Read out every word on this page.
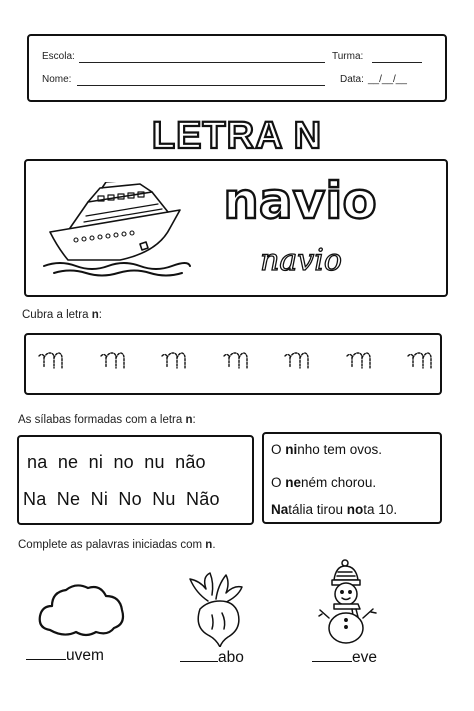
Escola:	Turma:
Nome:	Data: __/__/__
LETRA N
navio
navio
Cubra a letra n:
As sílabas formadas com a letra n:
na  ne  ni  no  nu  não
Na  Ne  Ni  No  Nu  Não
O ninho tem ovos.
O neném chorou.
Natália tirou nota 10.
Complete as palavras iniciadas com n.
uvem	abo	eve
